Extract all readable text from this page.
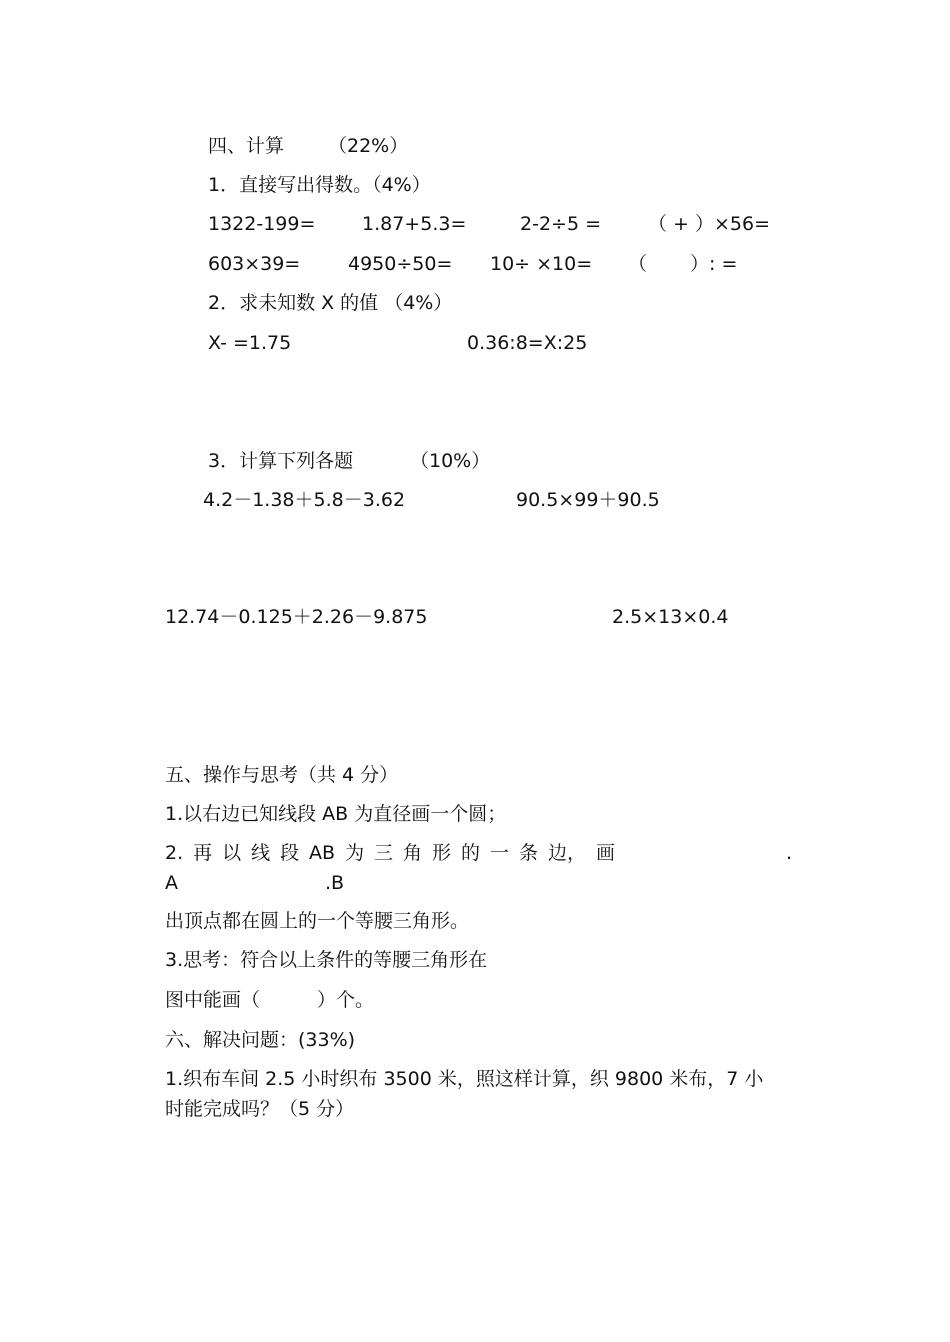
四、计算 （22%）
1．直接写出得数。（4%）
1322-199= 1.87+5.3=	2-2÷5 = （ + ）×56=
603×39=	4950÷50= 10÷ ×10= （ ）: =
2．求未知数 X 的值 （4%）
X- =1.75	0.36:8=X:25
3．计算下列各题	（10%）
4.2－1.38＋5.8－3.62	90.5×99＋90.5
12.74－0.125＋2.26－9.875	2.5×13×0.4
五、操作与思考（共 4 分）
1.以右边已知线段 AB 为直径画一个圆；
2. 再 以 线 段 AB 为 三 角 形 的 一 条 边， 画	.
A	.B
出顶点都在圆上的一个等腰三角形。
3.思考：符合以上条件的等腰三角形在
图中能画（　　　）个。
六、解决问题：(33%)
1.织布车间 2.5 小时织布 3500 米，照这样计算，织 9800 米布，7 小
时能完成吗？（5 分）
